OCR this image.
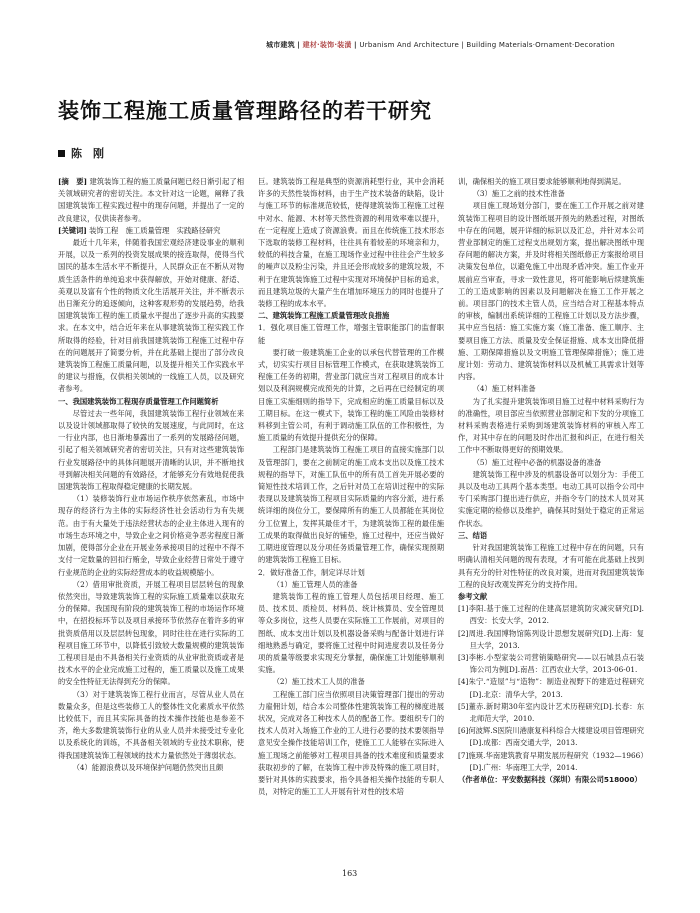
城市建筑 | 建材·装饰·装潢 | Urbanism And Architecture | Building Materials·Ornament·Decoration
装饰工程施工质量管理路径的若干研究
陈　刚

[摘　要] 建筑装饰工程的施工质量问题已经日渐引起了相关领域研究者的密切关注。本文针对这一论题，阐释了我国建筑装饰工程实践过程中的现存问题，并提出了一定的改良建议，仅供读者参考。

[关键词] 装饰工程　施工质量管理　实践路径研究

最近十几年来，伴随着我国宏观经济建设事业的顺利开展，以及一系列的投资发展成果的接连取得，使得当代国民的基本生活水平不断提升，人民群众正在不断从对物质生活条件的单纯追求中获得解放，开始对健康、舒适、美观以及富有个性的物质文化生活展开关注，并不断表示出日渐充分的追逐倾向，这种客观形势的发展趋势，给我国建筑装饰工程的施工质量水平提出了逐步升高的实践要求。在本文中，结合近年来在从事建筑装饰工程实践工作所取得的经验，针对目前我国建筑装饰工程施工过程中存在的问题展开了简要分析，并在此基础上提出了部分改良建筑装饰工程施工质量问题，以及提升相关工作实践水平的建议与措施，仅供相关领域的一线施工人员，以及研究者参考。

一、我国建筑装饰工程现存质量管理工作问题简析

尽管过去一些年间，我国建筑装饰工程行业领域在来以及设计领域都取得了较快的发展速度，与此同时，在这一行业内部，也日渐地暴露出了一系列的发展路径问题，引起了相关领域研究者的密切关注，只有对这些建筑装饰行业发展路径中的具体问题展开清晰的认识，并不断地找寻到解决相关问题的有效路径，才能够充分有效地促使我国建筑装饰工程取得稳定健康的长期发展。

（1）装修装饰行业市场运作秩序依然紊乱，市场中现存的经济行为主体的实际经济性社会活动行为有失规范。由于有大量处于违法经营状态的企业主体进入现有的市场生态环境之中，导致企业之间价格竞争恶劣程度日渐加剧，使得部分企业在开展业务承接项目的过程中不得不支付一定数量的回扣行贿金，导致企业经营日常处于遵守行业规范的企业的实际经营成本的收益规模缩小。

（2）借用审批资质，开展工程项目层层转包的现象依然突出，导致建筑装饰工程的实际施工质量难以获取充分的保障。我国现有阶段的建筑装饰工程的市场运作环境中，在招投标环节以及项目承接环节依然存在着许多的审批资质借用以及层层转包现象，同时往往在进行实际的工程项目施工环节中，以降低引致较大数量规模的建筑装饰工程项目是由不具备相关行业资质的从业审批资质或者是技术水平的企业完成施工过程的，施工质量以及施工成果的安全性特征无法得到充分的保障。

（3）对于建筑装饰工程行业而言，尽管从业人员在数量众多，但是这些装修工人的整体性文化素质水平依然比较低下，而且其实际具备的技术操作技能也是参差不齐，绝大多数建筑装饰行业的从业人员并未接受过专业化以及系统化的训练，不具备相关领域的专业技术职称，使得我国建筑装饰工程领域的技术力量依然处于薄弱状态。

（4）能源浪费以及环境保护问题仍然突出且颇

巨。建筑装饰工程是典型的资源消耗型行业，其中会消耗许多的天然性装饰材料，由于生产技术装备的缺陷，设计与施工环节的标准规范较低，使得建筑装饰工程施工过程中对水、能源、木材等天然性资源的利用效率难以提升，在一定程度上造成了资源浪费。而且在传统施工技术形态下选取的装修工程材料，往往具有着较差的环境亲和力，较低的科技含量，在施工现场作业过程中往往会产生较多的噪声以及粉尘污染，并且还会形成较多的建筑垃圾，不利于在建筑装饰施工过程中实现对环境保护目标的追求，而且建筑垃圾的大量产生在增加环境压力的同时也提升了装修工程的成本水平。

二、建筑装饰工程施工质量管理改良措施

1．强化项目施工管理工作，增强主管职能部门的监督职能

要打破一般建筑施工企业的以承包代替管理的工作模式，切实实行项目目标管理工作模式，在获取建筑装饰工程施工任务的初期，营业部门就应当对工程项目的成本计划以及利润规模完成预先的计算，之后再在已经制定的项目施工实施细则的指导下，完成相应的施工质量目标以及工期目标。在这一模式下，装饰工程的施工风险由装修材料移到主管公司，有利于调动施工队伍的工作积极性，为施工质量的有效提升提供充分的保障。

工程部门是建筑装饰工程施工项目的直接实施部门以及管理部门，要在之前制定的施工成本支出以及施工技术规程的指导下，对施工队伍中的所有员工首先开展必要的简短性技术培训工作，之后针对员工在培训过程中的实际表现以及建筑装饰工程项目实际质量的内容分派，进行系统详细的岗位分工，要保障所有的施工人员都能在其岗位分工位置上，发挥其最佳才干，为建筑装饰工程的最佳施工成果的取得做出良好的铺垫，施工过程中，还应当做好工期进度管理以及分项任务质量管理工作，确保实现预期的建筑装饰工程施工目标。

2．做好准备工作，制定详尽计划

（1）施工管理人员的准备

建筑装饰工程的施工管理人员包括项目经理、施工员、技术员、质检员、材料员、统计核算员、安全管理员等众多岗位，这些人员要在实际施工工作展前，对项目的图纸、成本支出计划以及机器设备采购与配备计划进行详细地熟悉与确定，要将施工过程中时间进度表以及任务分项的质量等级要求实现充分掌握，确保施工计划能够顺利实施。

（2）施工技术工人员的准备

工程施工部门应当依照项目决策管理部门提出的劳动力雇佣计划，结合本公司整体性建筑装饰工程的梯度进展状况，完成对各工种技术人员的配备工作。要组织专门的技术人员对入场施工作业的工人进行必要的技术要领指导意见安全操作技能培训工作，使施工工人能够在实际进入施工现场之前能够对工程项目具备的技术难度和质量要求获取初步的了解，在装饰工程中涉及特殊的施工项目时，要针对具体的实践要求，指令具备相关操作技能的专职人员，对特定的施工工人开展有针对性的技术培

训，确保相关的施工项目要求能够顺利地得到满足。

（3）施工之前的技术性准备

项目施工现场划分部门，要在施工工作开展之前对建筑装饰工程项目的设计图纸展开预先的熟悉过程，对图纸中存在的问题，展开详细的标识以及汇总，并针对本公司营业部制定的施工过程支出规划方案，提出解决图纸中现存问题的解决方案，并及时将相关图纸修正方案报给项目决策发包单位，以避免施工中出现矛盾冲突。施工作业开展前应当审查，寻求一致性意见，将可能影响后续建筑施工的工造成影响的因素以及问题解决在施工工作开展之前。项目部门的技术主管人员，应当结合对工程基本特点的审核，编制出系统详细的工程施工计划以及方法步骤，其中应当包括：施工实施方案（施工准备、施工顺序、主要项目施工方法、质量及安全保证措施、成本支出降低措施、工期保障措施以及文明施工管理保障措施）；施工进度计划：劳动力、建筑装饰材料以及机械工具需求计划等内容。

（4）施工材料准备

为了扎实提升建筑装饰项目施工过程中材料采购行为的准确性，项目部应当依照营业部制定和下发的分项施工材料采购表格进行采购到场建筑装饰材料的审核入库工作，对其中存在的问题及时作出汇报和纠正，在进行相关工作中不断取得更好的预期效果。

（5）施工过程中必备的机器设备的准备

建筑装饰工程中涉及的机器设备可以划分为：手使工具以及电动工具两个基本类型。电动工具可以指令公司中专门采购部门提出进行供应，并指令专门的技术人员对其实施定期的检修以及维护，确保其时刻处于稳定的正常运作状态。

三、结语

针对我国建筑装饰工程施工过程中存在的问题，只有明确认清相关问题的现有表现，才有可能在此基础上找到具有充分的针对性特征的改良对策，进而对我国建筑装饰工程的良好改观发挥充分的支持作用。

参考文献

[1]李阳.基于施工过程的住建高层建筑防灾减灾研究[D].西安：长安大学，2012.

[2]周进.我国博物馆陈列设计思想发展研究[D].上海：复旦大学，2013.

[3]李彬.小型家装公司营销策略研究——以石城县点石装饰公司为例[D].南昌：江西农业大学，2013-06-01.

[4]朱宁.“造屋”与“造物”：制造业视野下的建造过程研究[D].北京：清华大学，2013.

[5]董赤.新时期30年室内设计艺术历程研究[D].长春：东北师范大学，2010.

[6]何波辉.S医院川港康复科科综合大楼建设项目管理研究[D].成都：西南交通大学，2013.

[7]施瑛.华南建筑教育早期发展历程研究（1932—1966）[D].广州：华南理工大学，2014.

（作者单位：平安数据科技（深圳）有限公司518000）

163
